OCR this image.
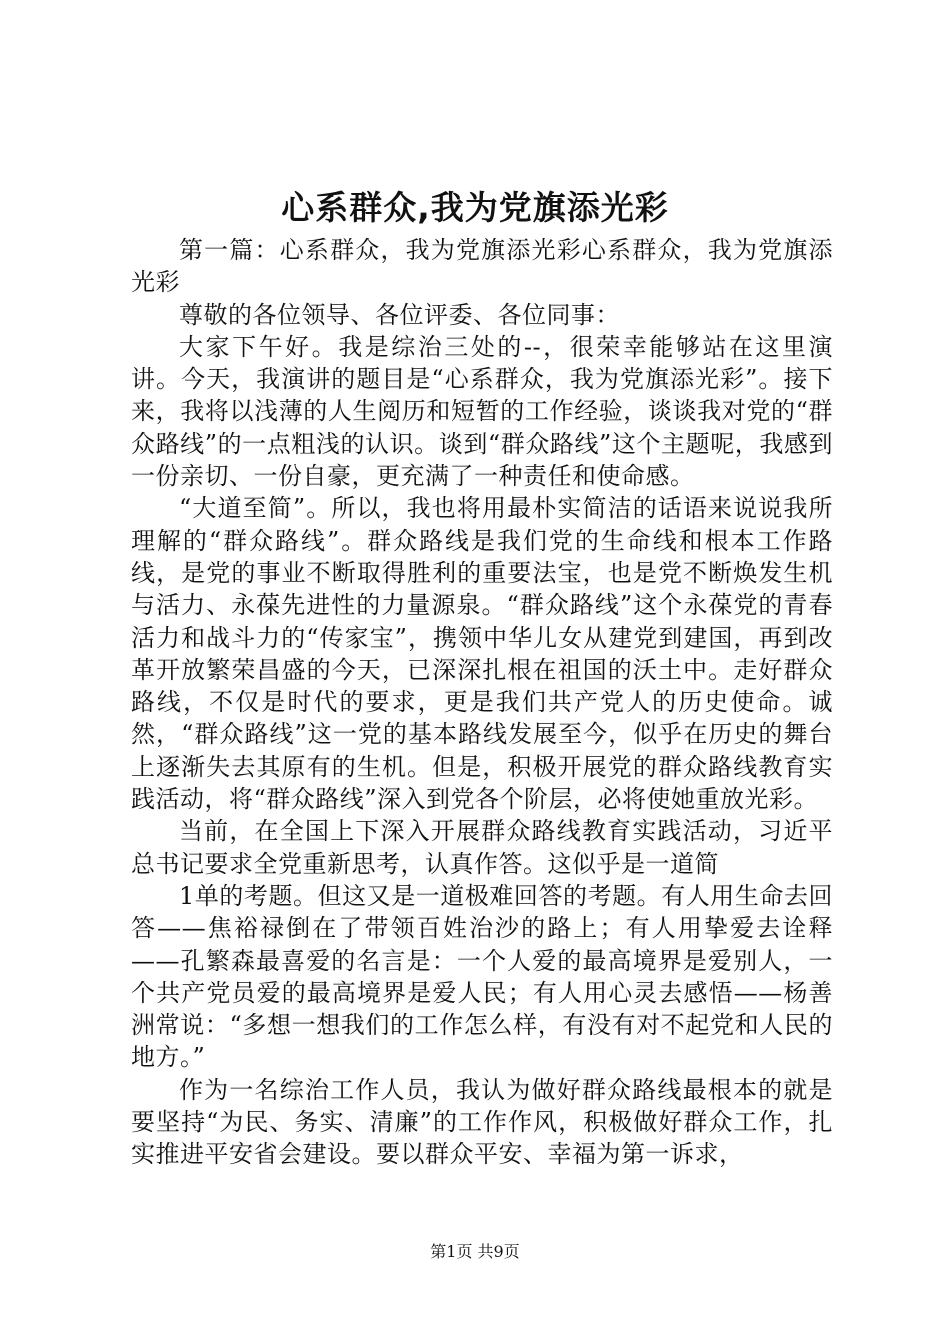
心系群众,我为党旗添光彩

第一篇：心系群众，我为党旗添光彩心系群众，我为党旗添光彩

尊敬的各位领导、各位评委、各位同事：

大家下午好。我是综治三处的--，很荣幸能够站在这里演讲。今天，我演讲的题目是“心系群众，我为党旗添光彩”。接下来，我将以浅薄的人生阅历和短暂的工作经验，谈谈我对党的“群众路线”的一点粗浅的认识。谈到“群众路线”这个主题呢，我感到一份亲切、一份自豪，更充满了一种责任和使命感。

“大道至简”。所以，我也将用最朴实简洁的话语来说说我所理解的“群众路线”。群众路线是我们党的生命线和根本工作路线，是党的事业不断取得胜利的重要法宝，也是党不断焕发生机与活力、永葆先进性的力量源泉。“群众路线”这个永葆党的青春活力和战斗力的“传家宝”，携领中华儿女从建党到建国，再到改革开放繁荣昌盛的今天，已深深扎根在祖国的沃土中。走好群众路线，不仅是时代的要求，更是我们共产党人的历史使命。诚然，“群众路线”这一党的基本路线发展至今，似乎在历史的舞台上逐渐失去其原有的生机。但是，积极开展党的群众路线教育实践活动，将“群众路线”深入到党各个阶层，必将使她重放光彩。

当前，在全国上下深入开展群众路线教育实践活动，习近平总书记要求全党重新思考，认真作答。这似乎是一道简

1单的考题。但这又是一道极难回答的考题。有人用生命去回答——焦裕禄倒在了带领百姓治沙的路上；有人用挚爱去诠释——孔繁森最喜爱的名言是：一个人爱的最高境界是爱别人，一个共产党员爱的最高境界是爱人民；有人用心灵去感悟——杨善洲常说：“多想一想我们的工作怎么样，有没有对不起党和人民的地方。”

作为一名综治工作人员，我认为做好群众路线最根本的就是要坚持“为民、务实、清廉”的工作作风，积极做好群众工作，扎实推进平安省会建设。要以群众平安、幸福为第一诉求，

第1页 共9页
